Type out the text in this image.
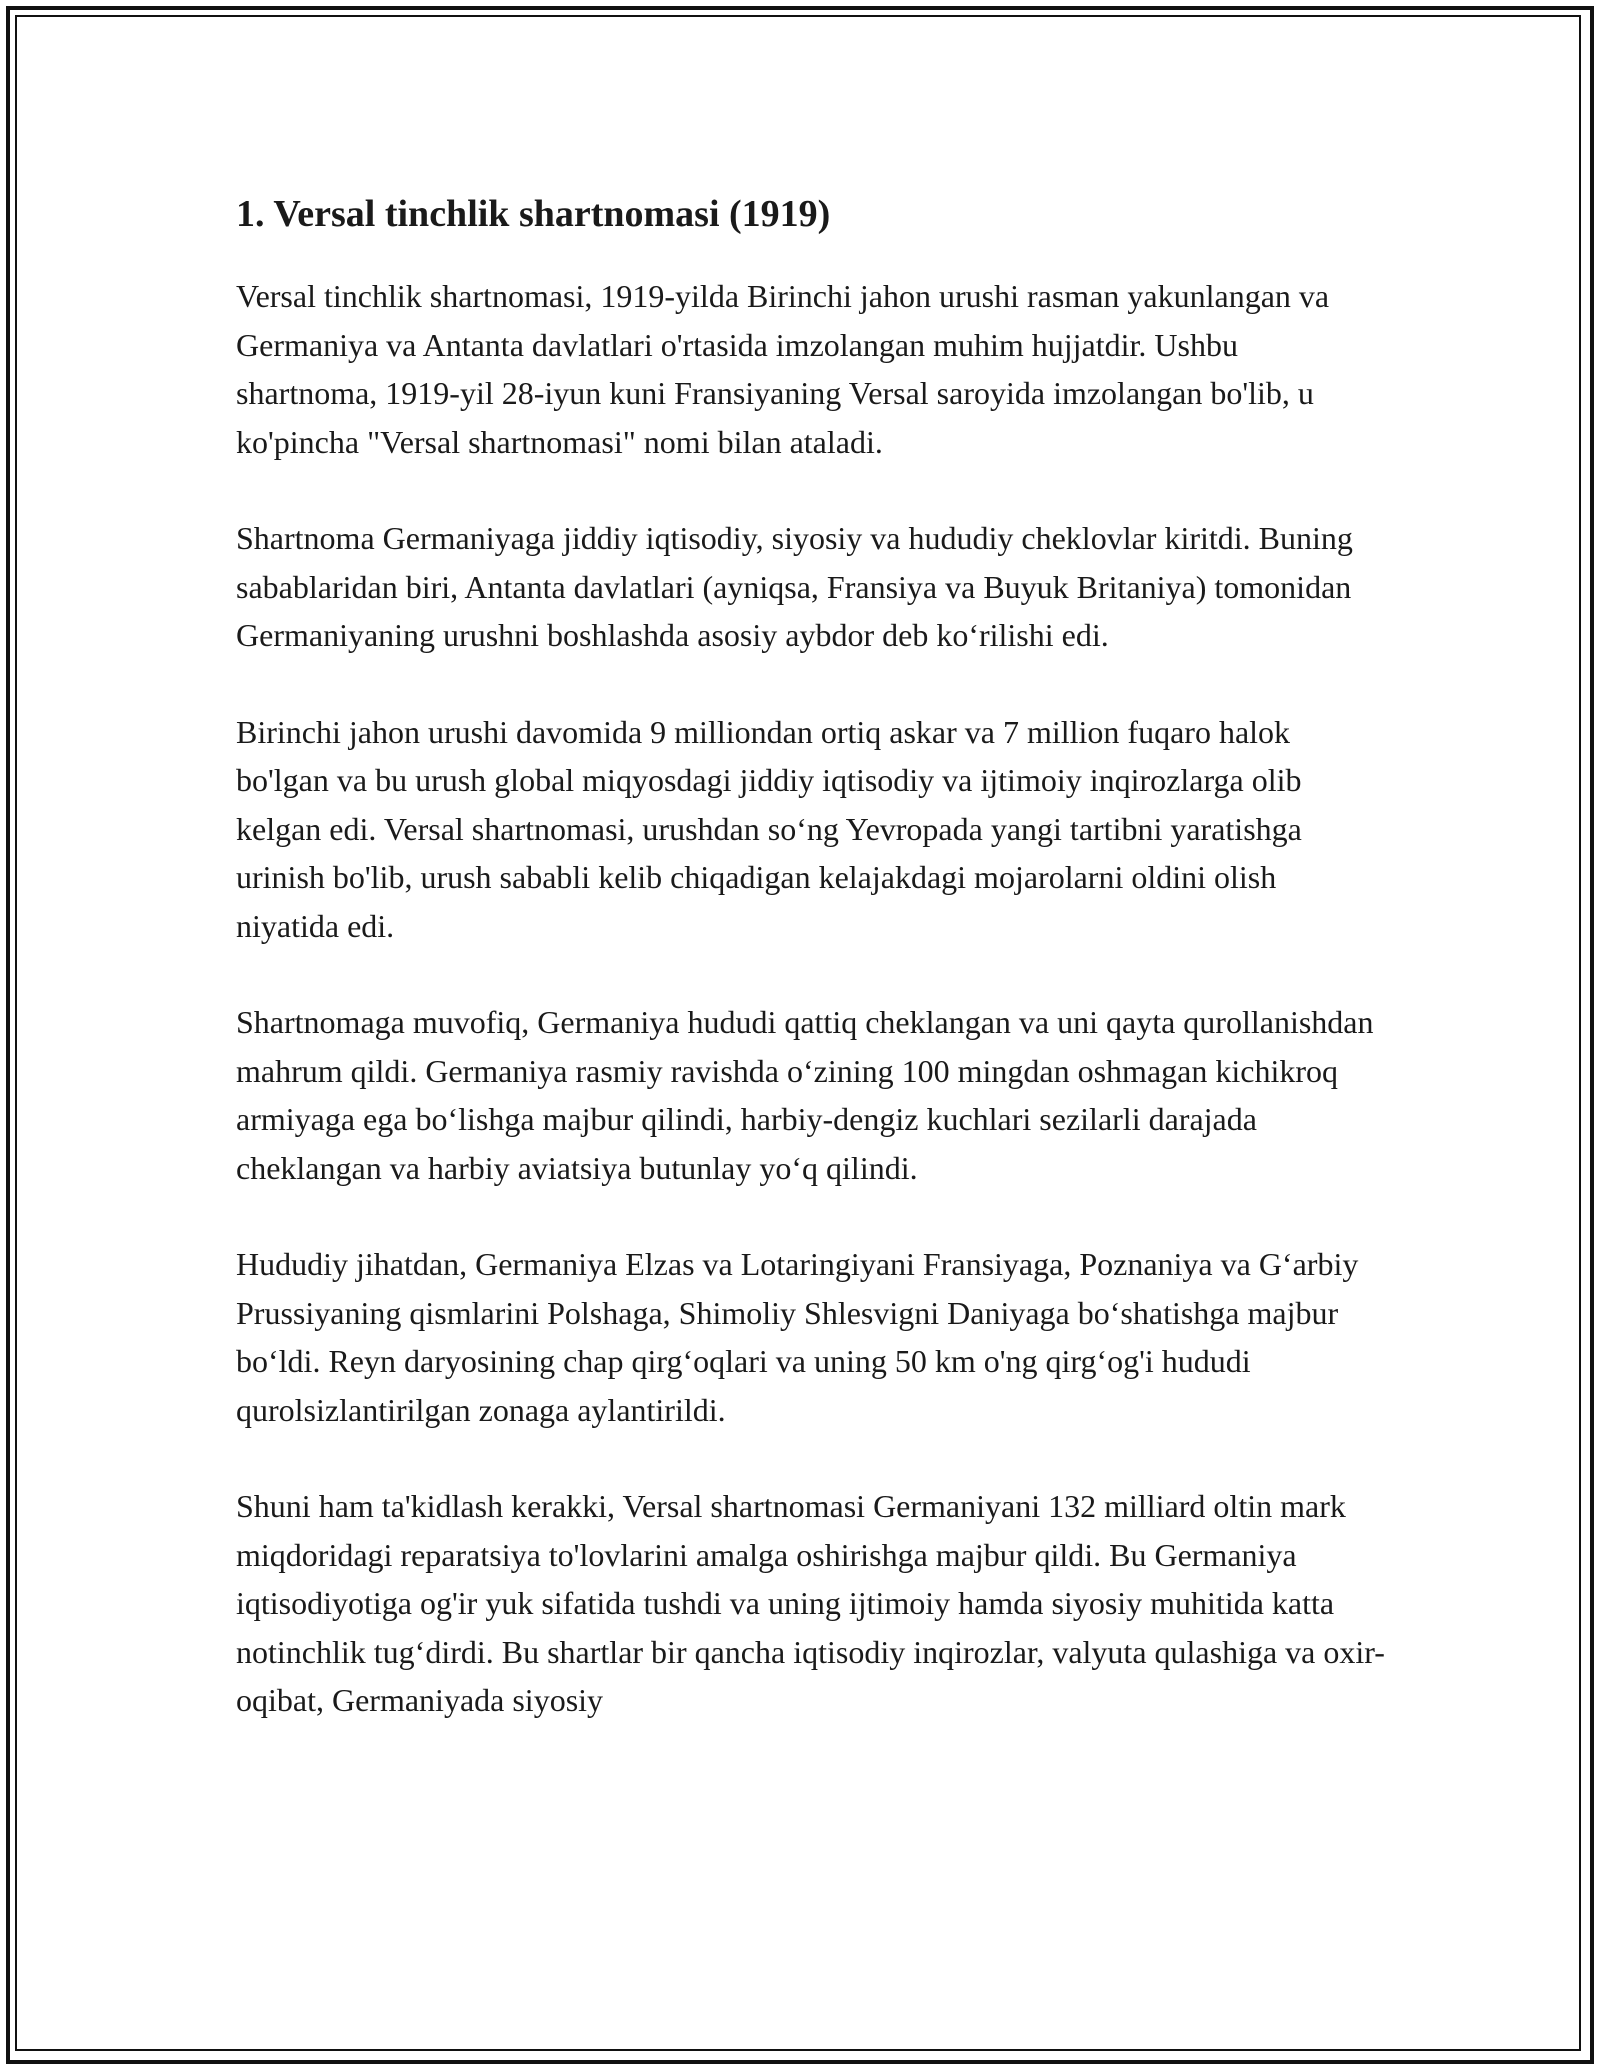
1. Versal tinchlik shartnomasi (1919)

Versal tinchlik shartnomasi, 1919-yilda Birinchi jahon urushi rasman yakunlangan va Germaniya va Antanta davlatlari o'rtasida imzolangan muhim hujjatdir. Ushbu shartnoma, 1919-yil 28-iyun kuni Fransiyaning Versal saroyida imzolangan bo'lib, u ko'pincha "Versal shartnomasi" nomi bilan ataladi.

Shartnoma Germaniyaga jiddiy iqtisodiy, siyosiy va hududiy cheklovlar kiritdi. Buning sabablaridan biri, Antanta davlatlari (ayniqsa, Fransiya va Buyuk Britaniya) tomonidan Germaniyaning urushni boshlashda asosiy aybdor deb ko‘rilishi edi.

Birinchi jahon urushi davomida 9 milliondan ortiq askar va 7 million fuqaro halok bo'lgan va bu urush global miqyosdagi jiddiy iqtisodiy va ijtimoiy inqirozlarga olib kelgan edi. Versal shartnomasi, urushdan so‘ng Yevropada yangi tartibni yaratishga urinish bo'lib, urush sababli kelib chiqadigan kelajakdagi mojarolarni oldini olish niyatida edi.

Shartnomaga muvofiq, Germaniya hududi qattiq cheklangan va uni qayta qurollanishdan mahrum qildi. Germaniya rasmiy ravishda o‘zining 100 mingdan oshmagan kichikroq armiyaga ega bo‘lishga majbur qilindi, harbiy-dengiz kuchlari sezilarli darajada cheklangan va harbiy aviatsiya butunlay yo‘q qilindi.

Hududiy jihatdan, Germaniya Elzas va Lotaringiyani Fransiyaga, Poznaniya va G‘arbiy Prussiyaning qismlarini Polshaga, Shimoliy Shlesvigni Daniyaga bo‘shatishga majbur bo‘ldi. Reyn daryosining chap qirg‘oqlari va uning 50 km o'ng qirg‘og'i hududi qurolsizlantirilgan zonaga aylantirildi.

Shuni ham ta'kidlash kerakki, Versal shartnomasi Germaniyani 132 milliard oltin mark miqdoridagi reparatsiya to'lovlarini amalga oshirishga majbur qildi. Bu Germaniya iqtisodiyotiga og'ir yuk sifatida tushdi va uning ijtimoiy hamda siyosiy muhitida katta notinchlik tug‘dirdi. Bu shartlar bir qancha iqtisodiy inqirozlar, valyuta qulashiga va oxir-oqibat, Germaniyada siyosiy
